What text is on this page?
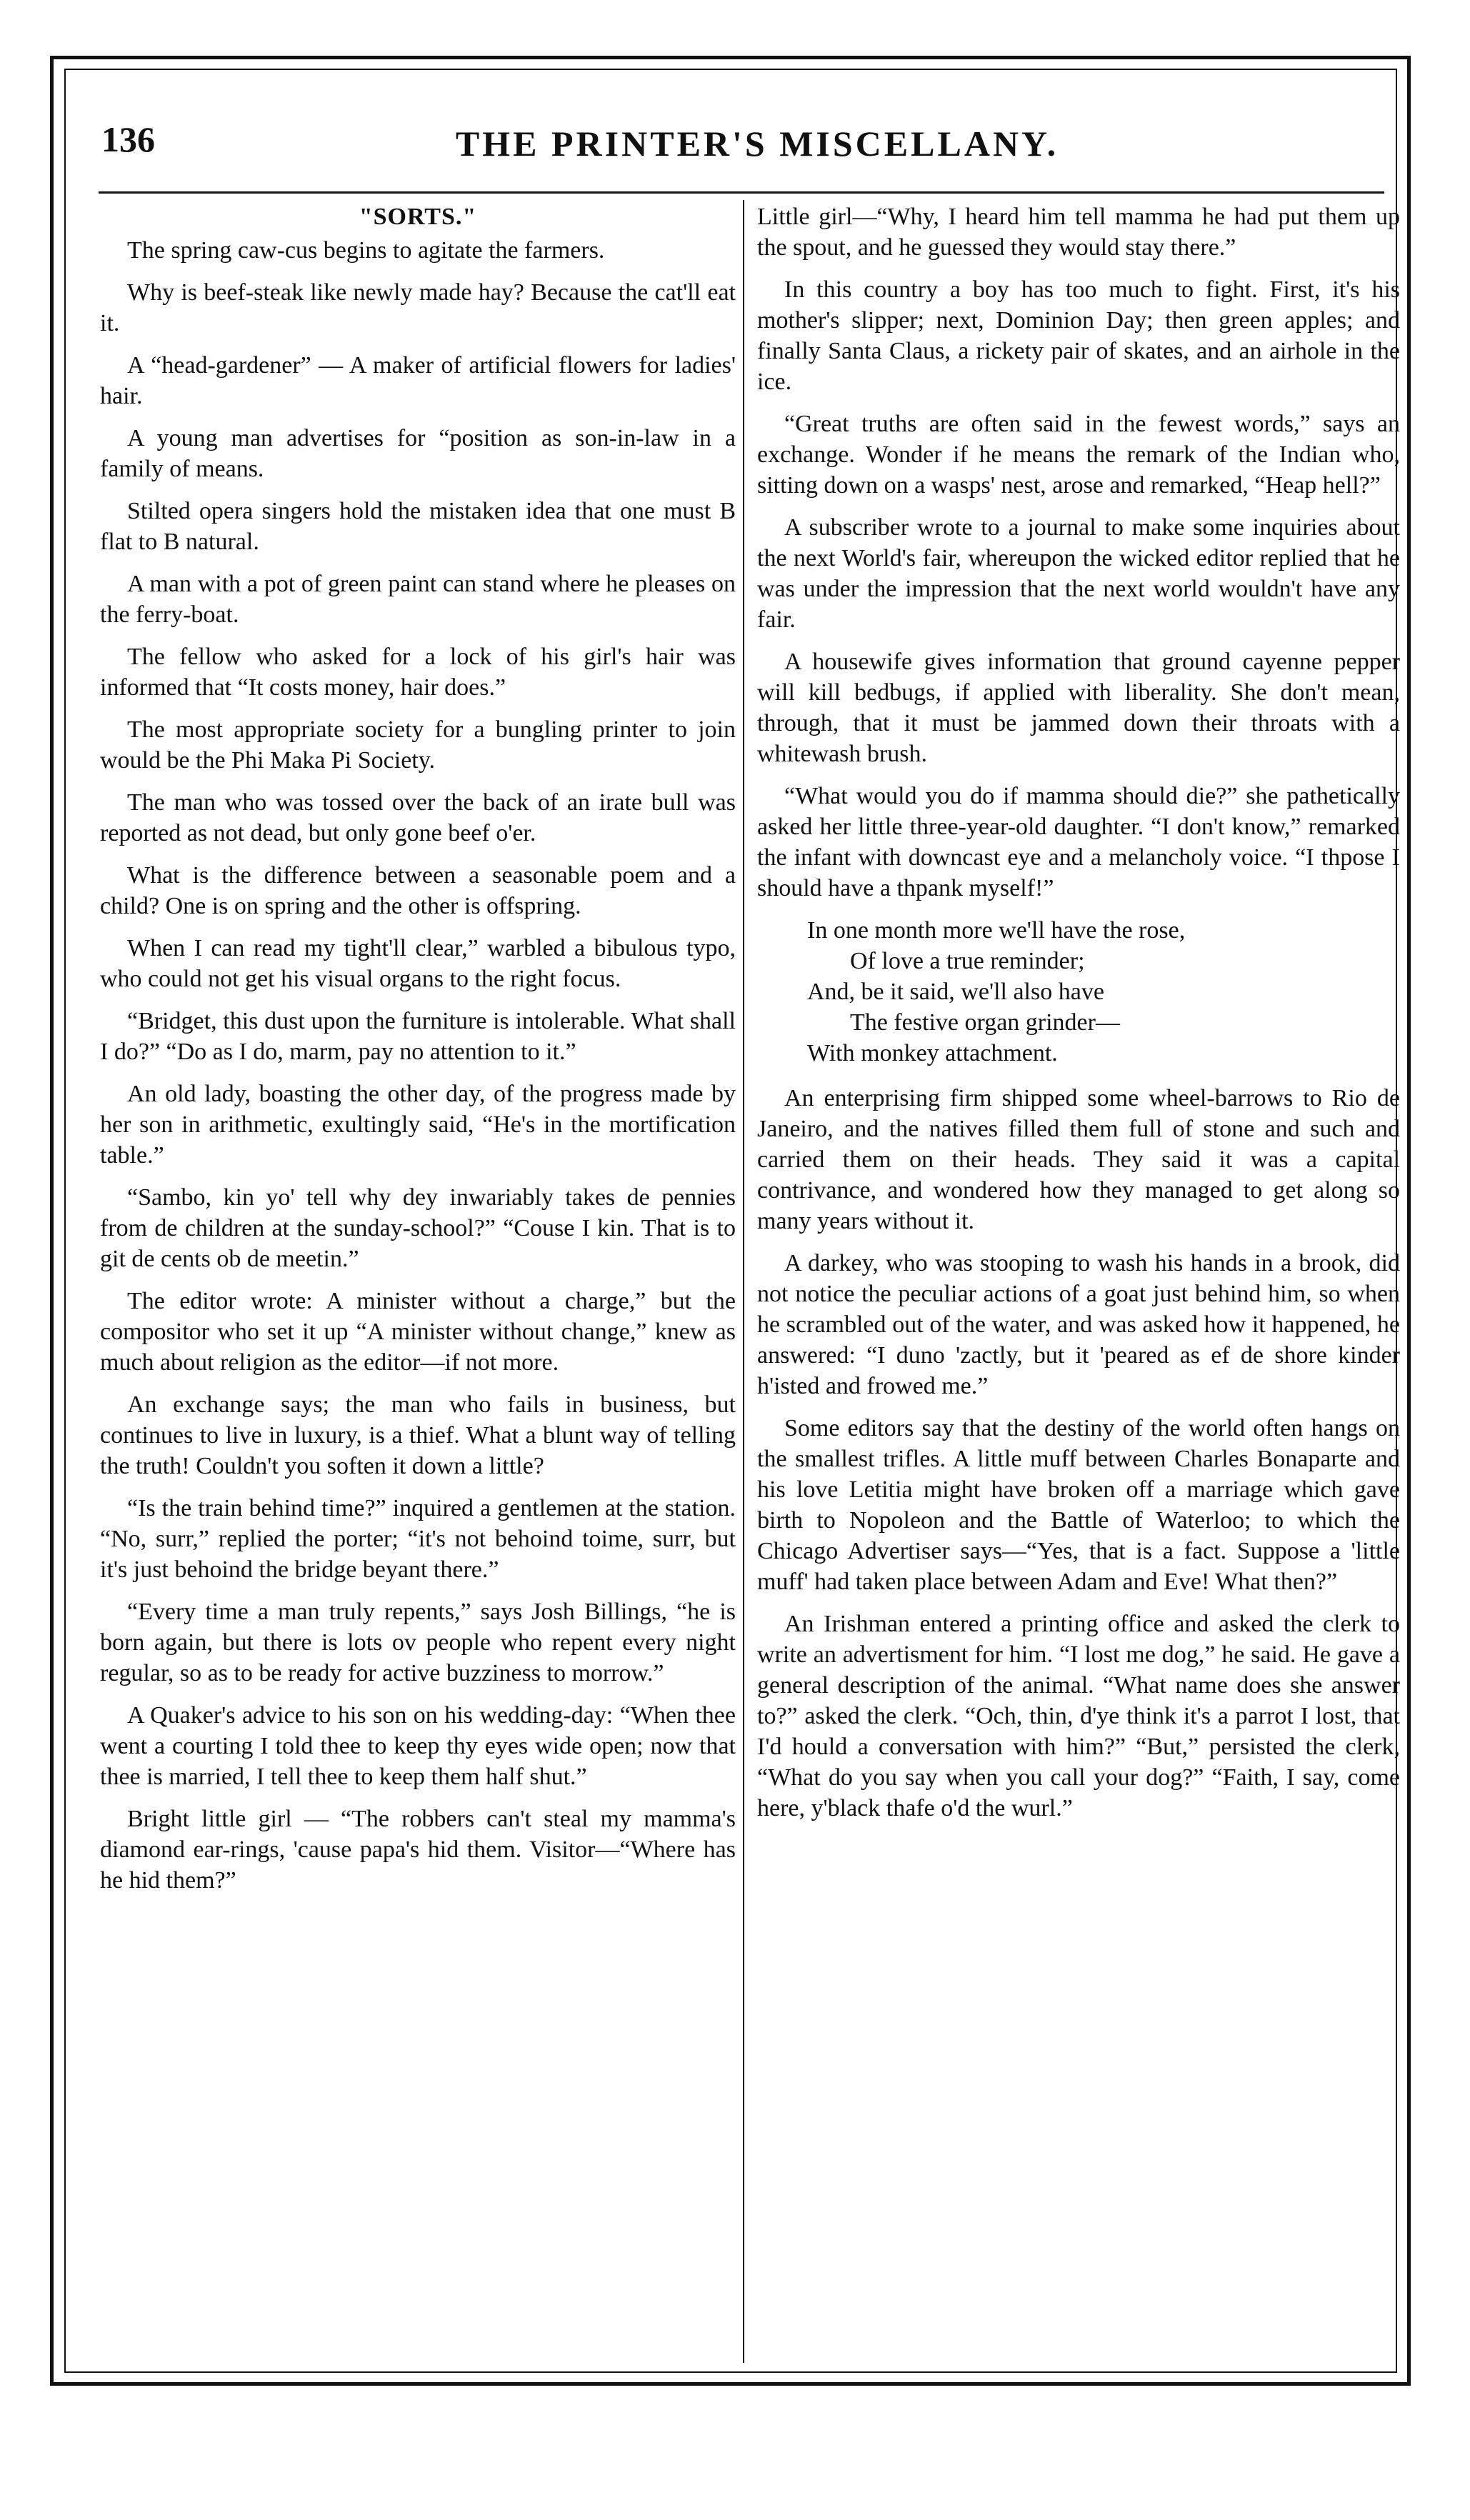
136	THE PRINTER'S MISCELLANY.
"SORTS."

The spring caw-cus begins to agitate the farmers.

Why is beef-steak like newly made hay? Because the cat'll eat it.

A “head-gardener” — A maker of artificial flowers for ladies' hair.

A young man advertises for “position as son-in-law in a family of means.

Stilted opera singers hold the mistaken idea that one must B flat to B natural.

A man with a pot of green paint can stand where he pleases on the ferry-boat.

The fellow who asked for a lock of his girl's hair was informed that “It costs money, hair does.”

The most appropriate society for a bungling printer to join would be the Phi Maka Pi Society.

The man who was tossed over the back of an irate bull was reported as not dead, but only gone beef o'er.

What is the difference between a seasonable poem and a child? One is on spring and the other is offspring.

When I can read my tight'll clear,” warbled a bibulous typo, who could not get his visual organs to the right focus.

“Bridget, this dust upon the furniture is intolerable. What shall I do?” “Do as I do, marm, pay no attention to it.”

An old lady, boasting the other day, of the progress made by her son in arithmetic, exultingly said, “He's in the mortification table.”

“Sambo, kin yo' tell why dey inwariably takes de pennies from de children at the sunday-school?” “Couse I kin. That is to git de cents ob de meetin.”

The editor wrote: A minister without a charge,” but the compositor who set it up “A minister without change,” knew as much about religion as the editor—if not more.

An exchange says; the man who fails in business, but continues to live in luxury, is a thief. What a blunt way of telling the truth! Couldn't you soften it down a little?

“Is the train behind time?” inquired a gentlemen at the station. “No, surr,” replied the porter; “it's not behoind toime, surr, but it's just behoind the bridge beyant there.”

“Every time a man truly repents,” says Josh Billings, “he is born again, but there is lots ov people who repent every night regular, so as to be ready for active buzziness to morrow.”

A Quaker's advice to his son on his wedding-day: “When thee went a courting I told thee to keep thy eyes wide open; now that thee is married, I tell thee to keep them half shut.”

Bright little girl — “The robbers can't steal my mamma's diamond ear-rings, 'cause papa's hid them. Visitor—“Where has he hid them?”

Little girl—“Why, I heard him tell mamma he had put them up the spout, and he guessed they would stay there.”

In this country a boy has too much to fight. First, it's his mother's slipper; next, Dominion Day; then green apples; and finally Santa Claus, a rickety pair of skates, and an airhole in the ice.

“Great truths are often said in the fewest words,” says an exchange. Wonder if he means the remark of the Indian who, sitting down on a wasps' nest, arose and remarked, “Heap hell?”

A subscriber wrote to a journal to make some inquiries about the next World's fair, whereupon the wicked editor replied that he was under the impression that the next world wouldn't have any fair.

A housewife gives information that ground cayenne pepper will kill bedbugs, if applied with liberality. She don't mean, through, that it must be jammed down their throats with a whitewash brush.

“What would you do if mamma should die?” she pathetically asked her little three-year-old daughter. “I don't know,” remarked the infant with downcast eye and a melancholy voice. “I thpose I should have a thpank myself!”

In one month more we'll have the rose,
Of love a true reminder;
And, be it said, we'll also have
The festive organ grinder—
With monkey attachment.

An enterprising firm shipped some wheel-barrows to Rio de Janeiro, and the natives filled them full of stone and such and carried them on their heads. They said it was a capital contrivance, and wondered how they managed to get along so many years without it.

A darkey, who was stooping to wash his hands in a brook, did not notice the peculiar actions of a goat just behind him, so when he scrambled out of the water, and was asked how it happened, he answered: “I duno 'zactly, but it 'peared as ef de shore kinder h'isted and frowed me.”

Some editors say that the destiny of the world often hangs on the smallest trifles. A little muff between Charles Bonaparte and his love Letitia might have broken off a marriage which gave birth to Nopoleon and the Battle of Waterloo; to which the Chicago Advertiser says—“Yes, that is a fact. Suppose a 'little muff' had taken place between Adam and Eve! What then?”

An Irishman entered a printing office and asked the clerk to write an advertisment for him. “I lost me dog,” he said. He gave a general description of the animal. “What name does she answer to?” asked the clerk. “Och, thin, d'ye think it's a parrot I lost, that I'd hould a conversation with him?” “But,” persisted the clerk, “What do you say when you call your dog?” “Faith, I say, come here, y'black thafe o'd the wurl.”
